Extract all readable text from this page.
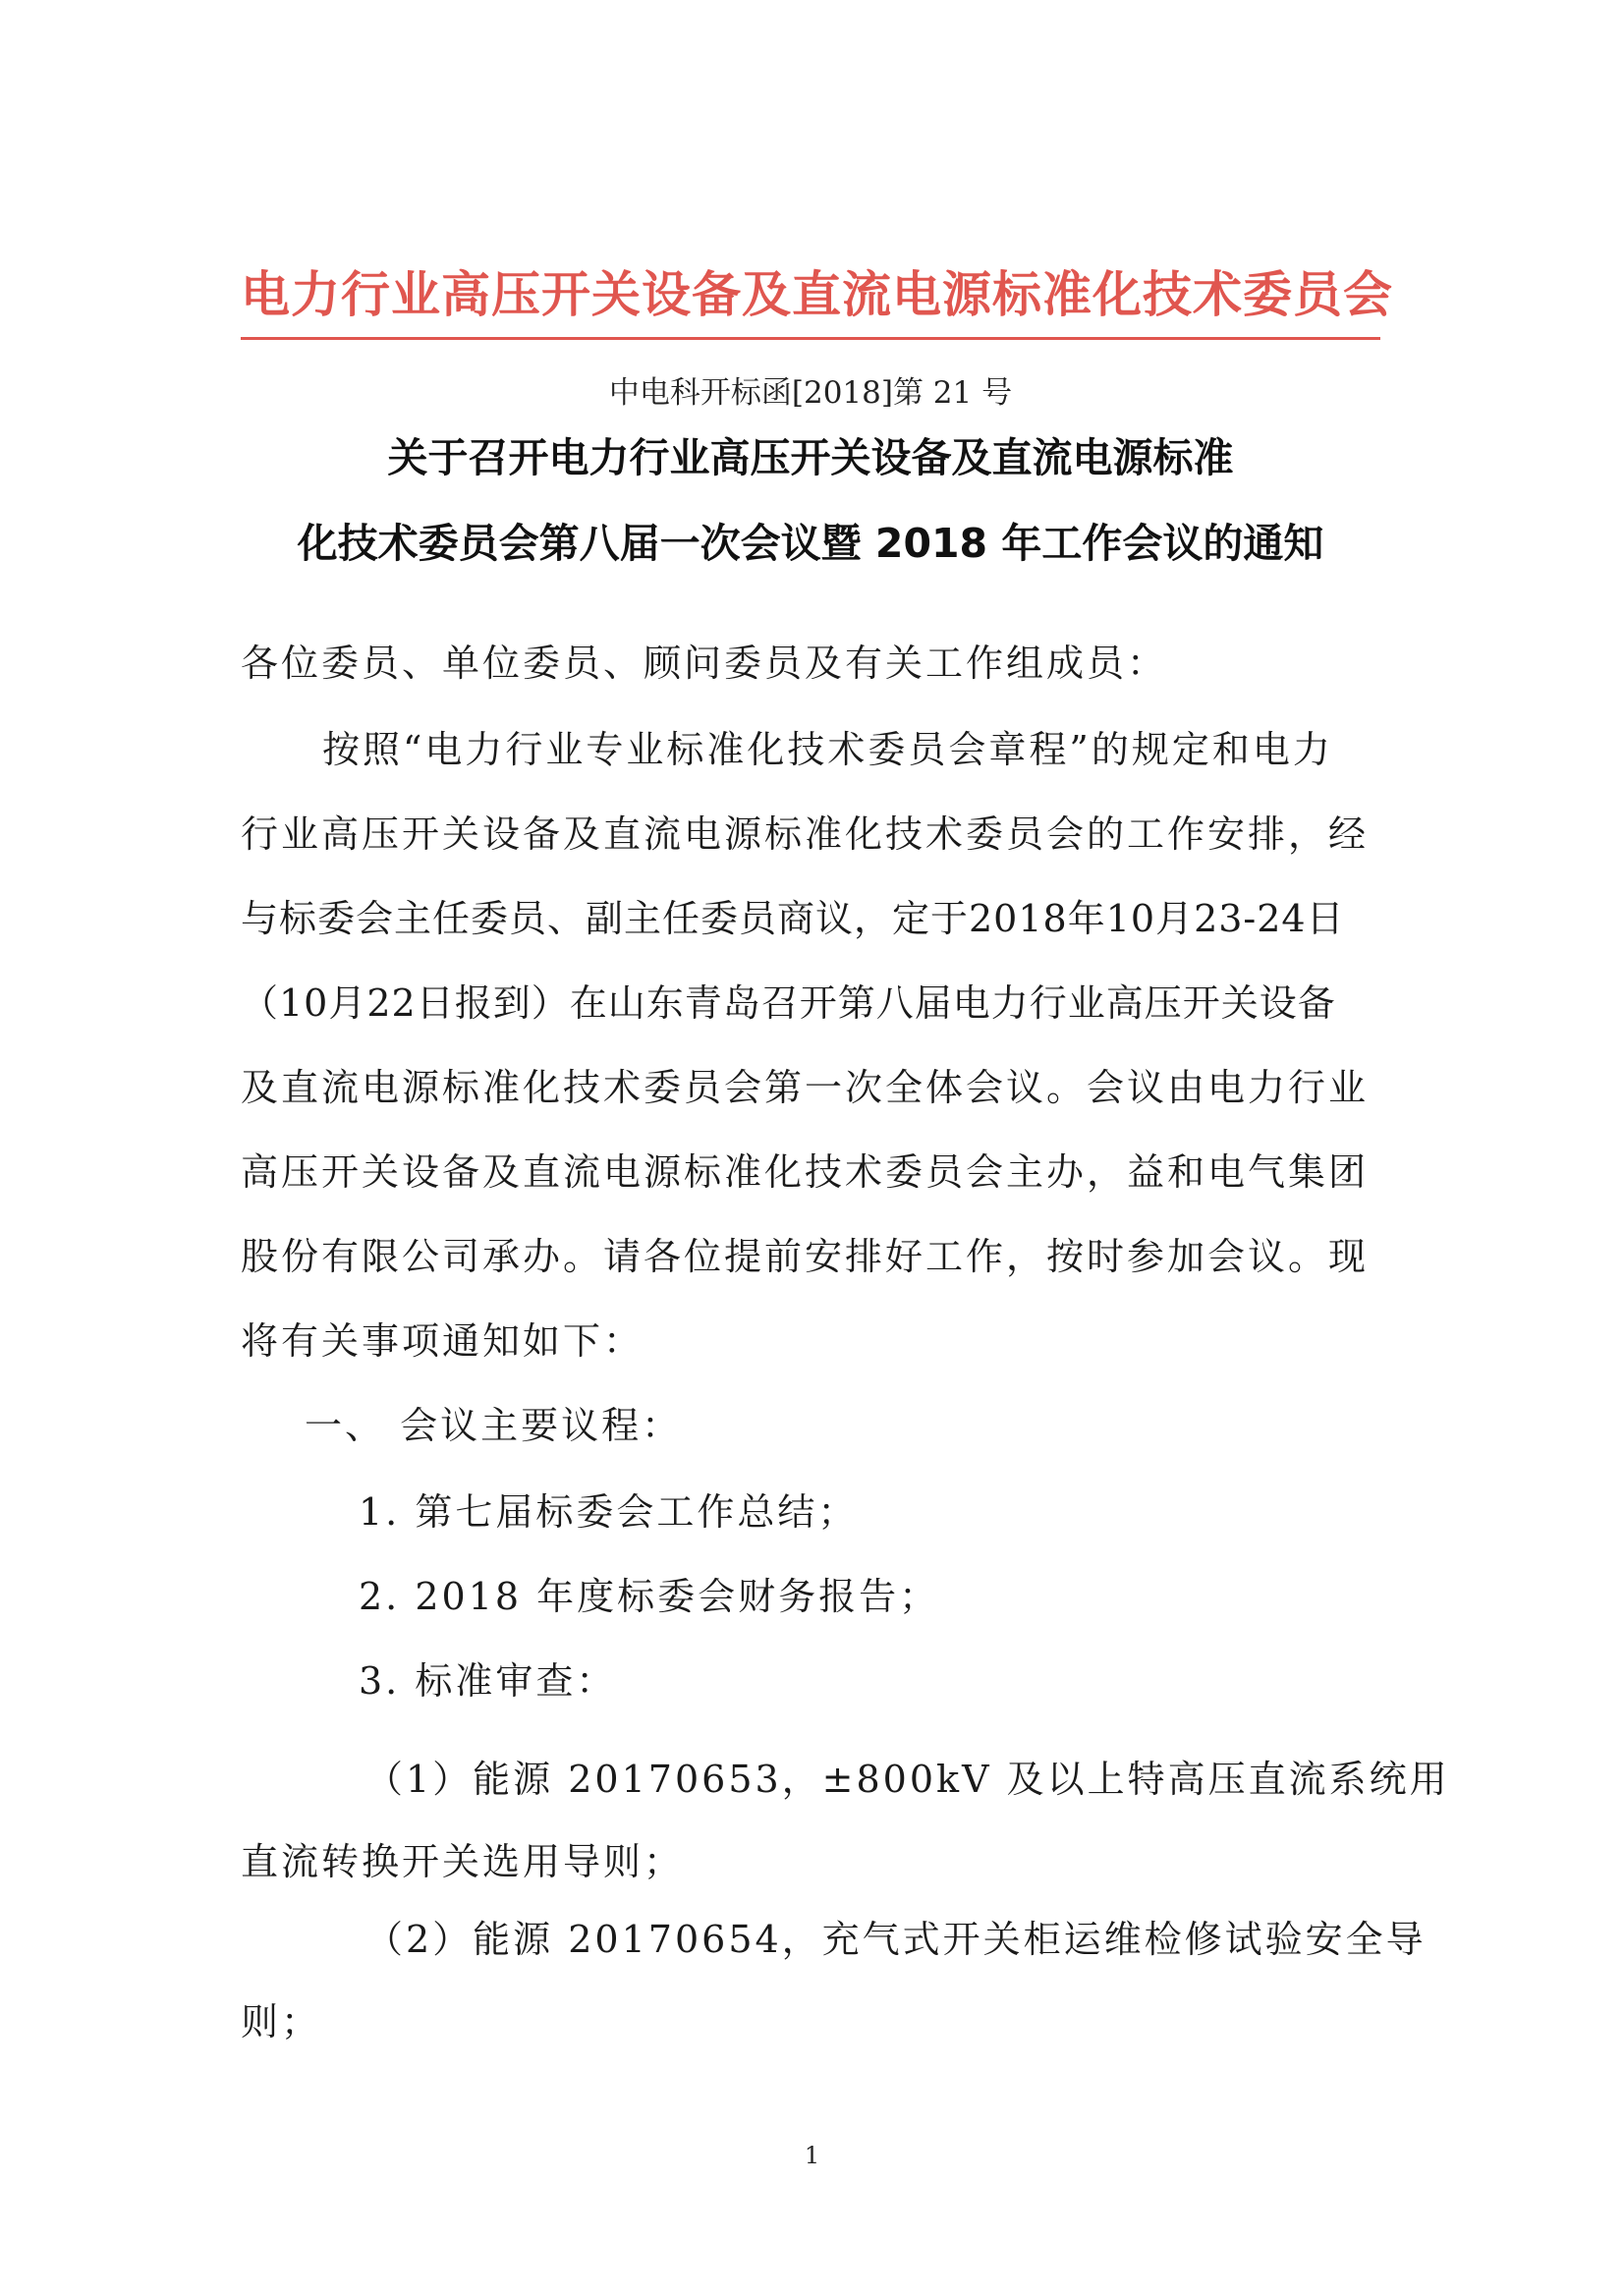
电力行业高压开关设备及直流电源标准化技术委员会
中电科开标函[2018]第 21 号
关于召开电力行业高压开关设备及直流电源标准
化技术委员会第八届一次会议暨 2018 年工作会议的通知
各位委员、单位委员、顾问委员及有关工作组成员：
按照“电力行业专业标准化技术委员会章程”的规定和电力
行业高压开关设备及直流电源标准化技术委员会的工作安排，经
与标委会主任委员、副主任委员商议，定于2018年10月23-24日
（10月22日报到）在山东青岛召开第八届电力行业高压开关设备
及直流电源标准化技术委员会第一次全体会议。会议由电力行业
高压开关设备及直流电源标准化技术委员会主办，益和电气集团
股份有限公司承办。请各位提前安排好工作，按时参加会议。现
将有关事项通知如下：
一、 会议主要议程：
1. 第七届标委会工作总结；
2. 2018 年度标委会财务报告；
3. 标准审查：
（1）能源 20170653，±800kV 及以上特高压直流系统用
直流转换开关选用导则；
（2）能源 20170654，充气式开关柜运维检修试验安全导
则；
1
